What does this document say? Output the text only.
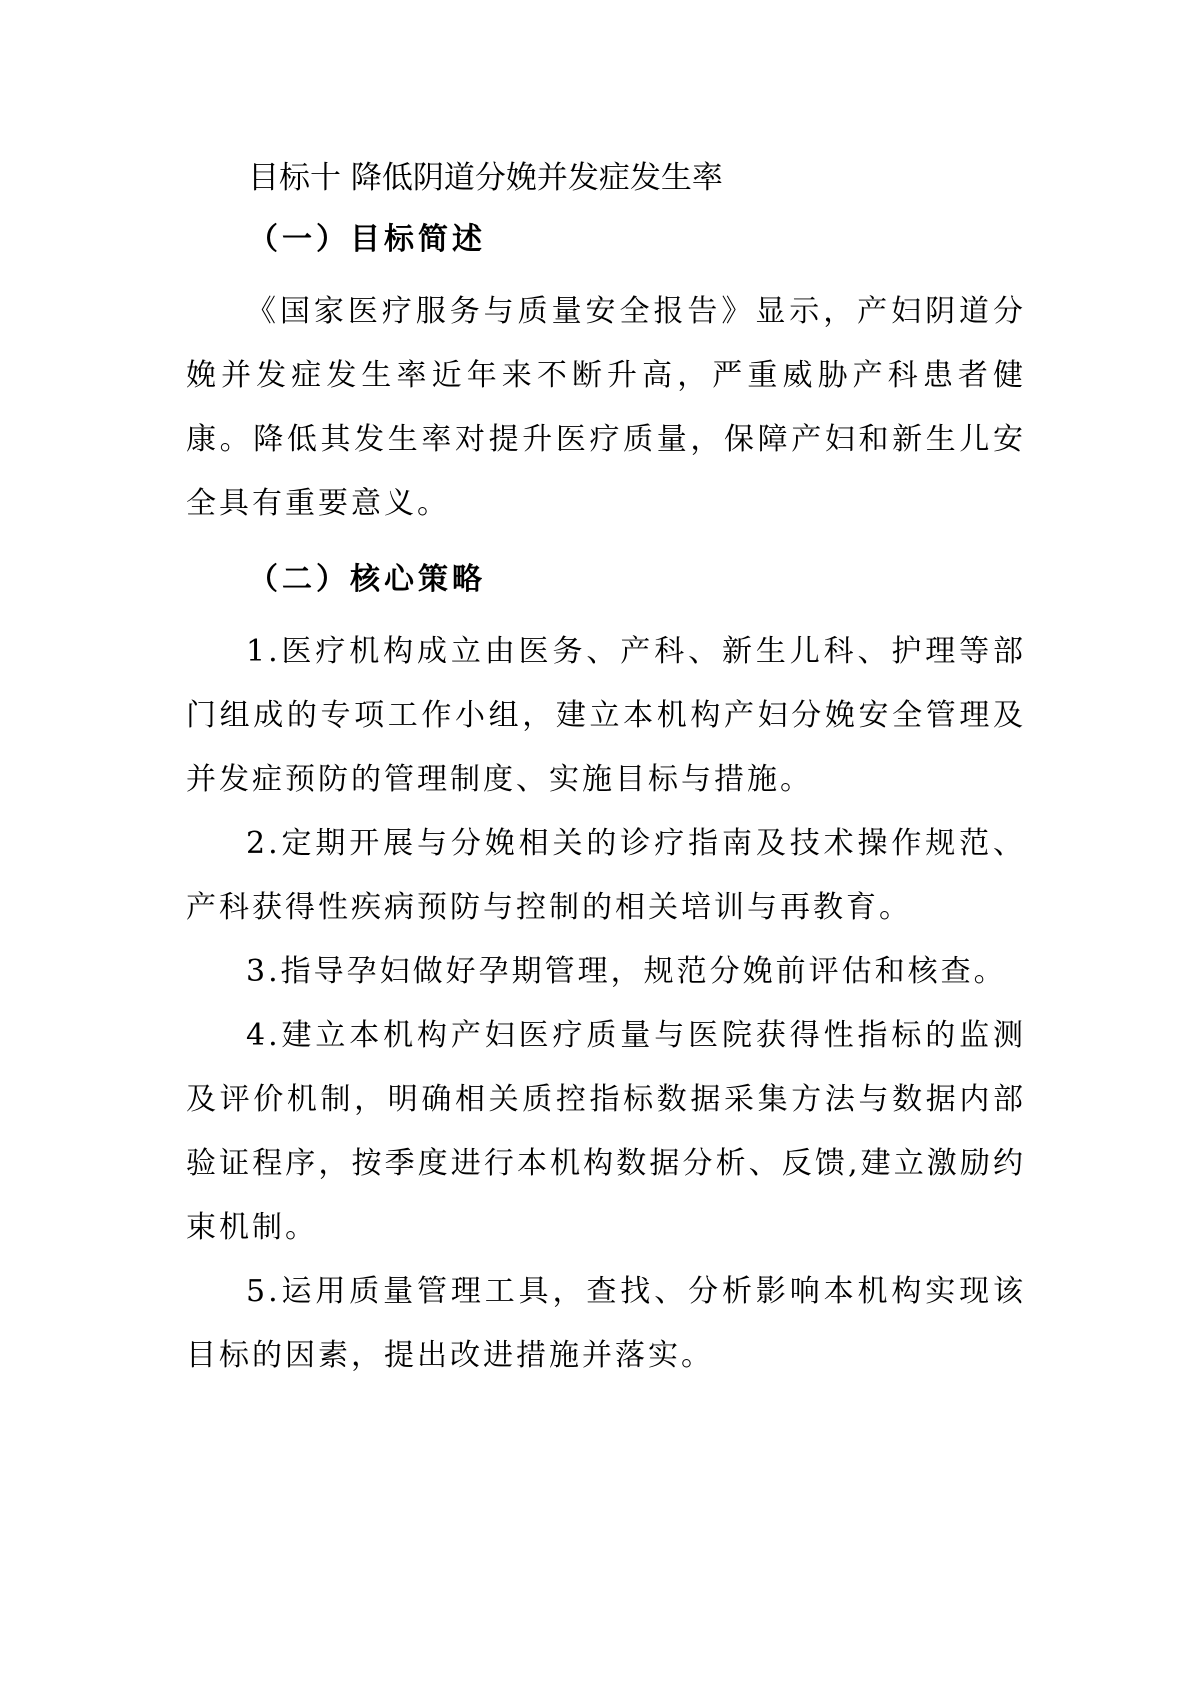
目标十 降低阴道分娩并发症发生率
（一）目标简述

《国家医疗服务与质量安全报告》显示，产妇阴道分娩并发症发生率近年来不断升高，严重威胁产科患者健康。降低其发生率对提升医疗质量，保障产妇和新生儿安全具有重要意义。

（二）核心策略

1.医疗机构成立由医务、产科、新生儿科、护理等部门组成的专项工作小组，建立本机构产妇分娩安全管理及并发症预防的管理制度、实施目标与措施。

2.定期开展与分娩相关的诊疗指南及技术操作规范、产科获得性疾病预防与控制的相关培训与再教育。

3.指导孕妇做好孕期管理，规范分娩前评估和核查。

4.建立本机构产妇医疗质量与医院获得性指标的监测及评价机制，明确相关质控指标数据采集方法与数据内部验证程序，按季度进行本机构数据分析、反馈,建立激励约束机制。

5.运用质量管理工具，查找、分析影响本机构实现该目标的因素，提出改进措施并落实。
